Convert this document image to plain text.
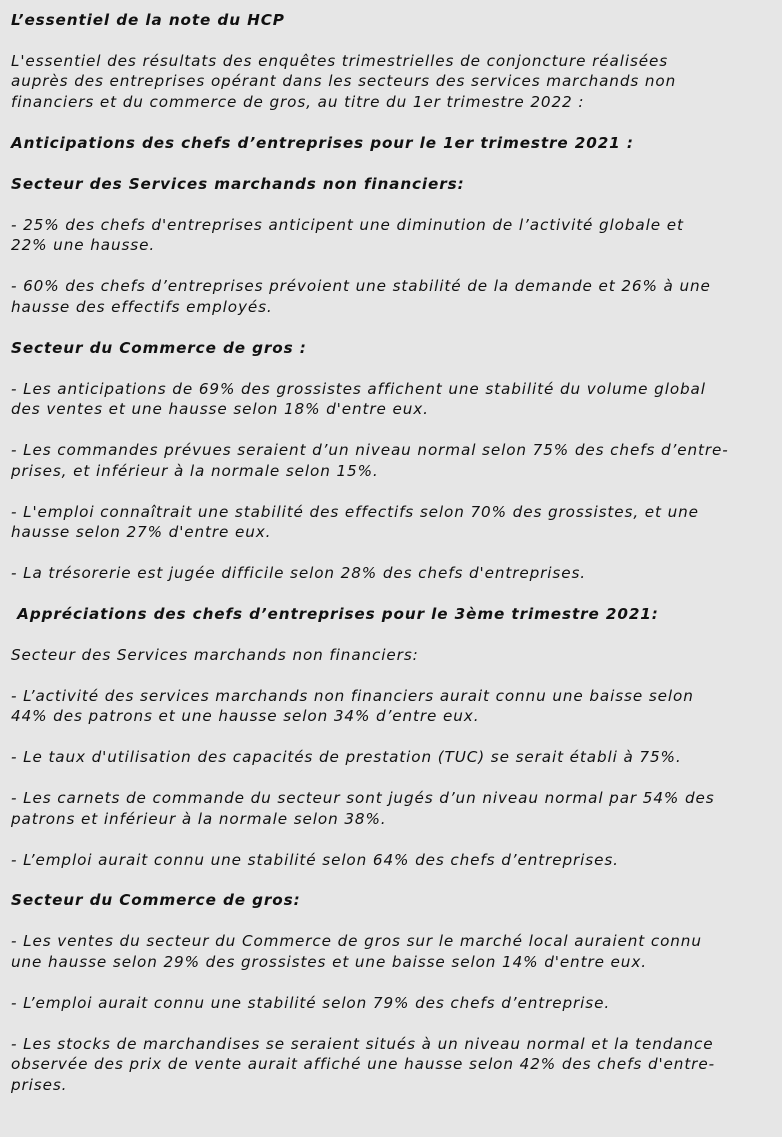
L’essentiel de la note du HCP

L'essentiel des résultats des enquêtes trimestrielles de conjoncture réalisées

auprès des entreprises opérant dans les secteurs des services marchands non

financiers et du commerce de gros, au titre du 1er trimestre 2022 :

Anticipations des chefs d’entreprises pour le 1er trimestre 2021 :

Secteur des Services marchands non financiers:

- 25% des chefs d'entreprises anticipent une diminution de l’activité globale et

22% une hausse.

- 60% des chefs d’entreprises prévoient une stabilité de la demande et 26% à une

hausse des effectifs employés.

Secteur du Commerce de gros :

- Les anticipations de 69% des grossistes affichent une stabilité du volume global

des ventes et une hausse selon 18% d'entre eux.

- Les commandes prévues seraient d’un niveau normal selon 75% des chefs d’entre-

prises, et inférieur à la normale selon 15%.

- L'emploi connaîtrait une stabilité des effectifs selon 70% des grossistes, et une

hausse selon 27% d'entre eux.

- La trésorerie est jugée difficile selon 28% des chefs d'entreprises.

Appréciations des chefs d’entreprises pour le 3ème trimestre 2021:

Secteur des Services marchands non financiers:

- L’activité des services marchands non financiers aurait connu une baisse selon

44% des patrons et une hausse selon 34% d’entre eux.

- Le taux d'utilisation des capacités de prestation (TUC) se serait établi à 75%.

- Les carnets de commande du secteur sont jugés d’un niveau normal par 54% des

patrons et inférieur à la normale selon 38%.

- L’emploi aurait connu une stabilité selon 64% des chefs d’entreprises.

Secteur du Commerce de gros:

- Les ventes du secteur du Commerce de gros sur le marché local auraient connu

une hausse selon 29% des grossistes et une baisse selon 14% d'entre eux.

- L’emploi aurait connu une stabilité selon 79% des chefs d’entreprise.

- Les stocks de marchandises se seraient situés à un niveau normal et la tendance

observée des prix de vente aurait affiché une hausse selon 42% des chefs d'entre-

prises.
